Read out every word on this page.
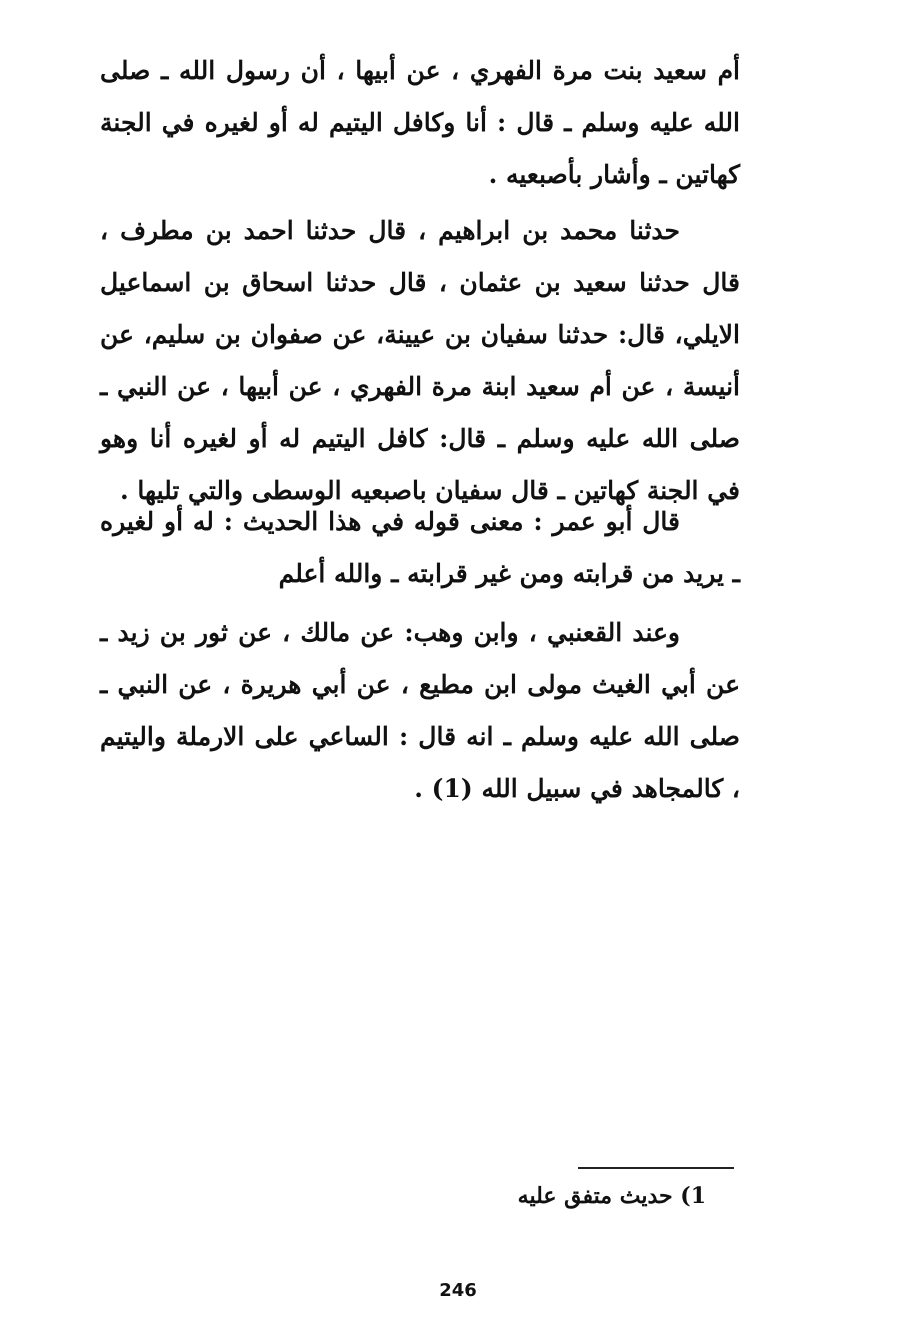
أم سعيد بنت مرة الفهري ، عن أبيها ، أن رسول الله ـ صلى الله عليه وسلم ـ قال : أنا وكافل اليتيم له أو لغيره في الجنة كهاتين ـ وأشار بأصبعيه .

حدثنا محمد بن ابراهيم ، قال حدثنا احمد بن مطرف ، قال حدثنا سعيد بن عثمان ، قال حدثنا اسحاق بن اسماعيل الايلي، قال: حدثنا سفيان بن عيينة، عن صفوان بن سليم، عن أنيسة ، عن أم سعيد ابنة مرة الفهري ، عن أبيها ، عن النبي ـ صلى الله عليه وسلم ـ قال: كافل اليتيم له أو لغيره أنا وهو في الجنة كهاتين ـ قال سفيان باصبعيه الوسطى والتي تليها .

قال أبو عمر : معنى قوله في هذا الحديث : له أو لغيره ـ يريد من قرابته ومن غير قرابته ـ والله أعلم

وعند القعنبي ، وابن وهب: عن مالك ، عن ثور بن زيد ـ عن أبي الغيث مولى ابن مطيع ، عن أبي هريرة ، عن النبي ـ صلى الله عليه وسلم ـ انه قال : الساعي على الارملة واليتيم ، كالمجاهد في سبيل الله (1) .

1) حديث متفق عليه
246
